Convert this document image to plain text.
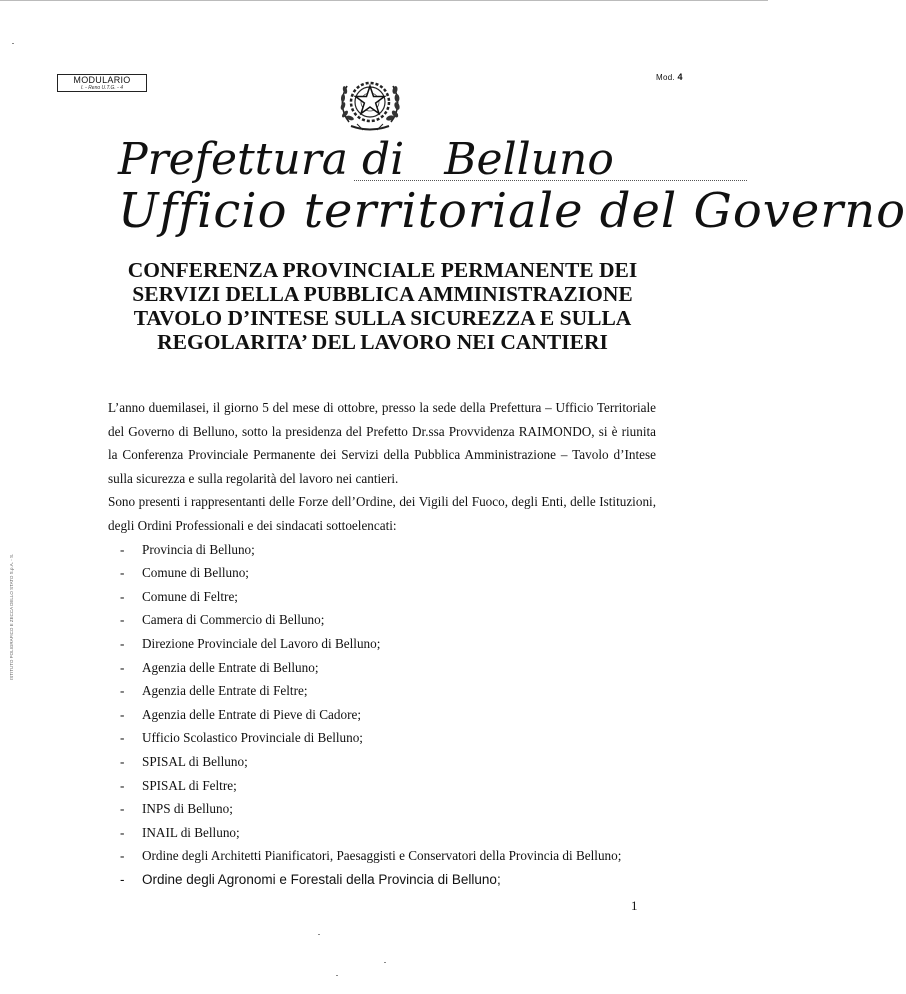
MODULARIO
I. - Reno U.T.G. - 4
Mod. 4
Prefettura di Belluno
Ufficio territoriale del Governo
CONFERENZA PROVINCIALE PERMANENTE DEI
SERVIZI DELLA PUBBLICA AMMINISTRAZIONE
TAVOLO D’INTESE SULLA SICUREZZA E SULLA
REGOLARITA’ DEL LAVORO NEI CANTIERI

L’anno duemilasei, il giorno 5 del mese di ottobre, presso la sede della Prefettura – Ufficio Territoriale del Governo di Belluno, sotto la presidenza del Prefetto Dr.ssa Provvidenza RAIMONDO, si è riunita la Conferenza Provinciale Permanente dei Servizi della Pubblica Amministrazione – Tavolo d’Intese sulla sicurezza e sulla regolarità del lavoro nei cantieri.

Sono presenti i rappresentanti delle Forze dell’Ordine, dei Vigili del Fuoco, degli Enti, delle Istituzioni, degli Ordini Professionali e dei sindacati sottoelencati:

- Provincia di Belluno;
- Comune di Belluno;
- Comune di Feltre;
- Camera di Commercio di Belluno;
- Direzione Provinciale del Lavoro di Belluno;
- Agenzia delle Entrate di Belluno;
- Agenzia delle Entrate di Feltre;
- Agenzia delle Entrate di Pieve di Cadore;
- Ufficio Scolastico Provinciale di Belluno;
- SPISAL di Belluno;
- SPISAL di Feltre;
- INPS di Belluno;
- INAIL di Belluno;
- Ordine degli Architetti Pianificatori, Paesaggisti e Conservatori della Provincia di Belluno;
- Ordine degli Agronomi e Forestali della Provincia di Belluno;
1
ISTITUTO POLIGRAFICO E ZECCA DELLO STATO S.p.A. - S.
